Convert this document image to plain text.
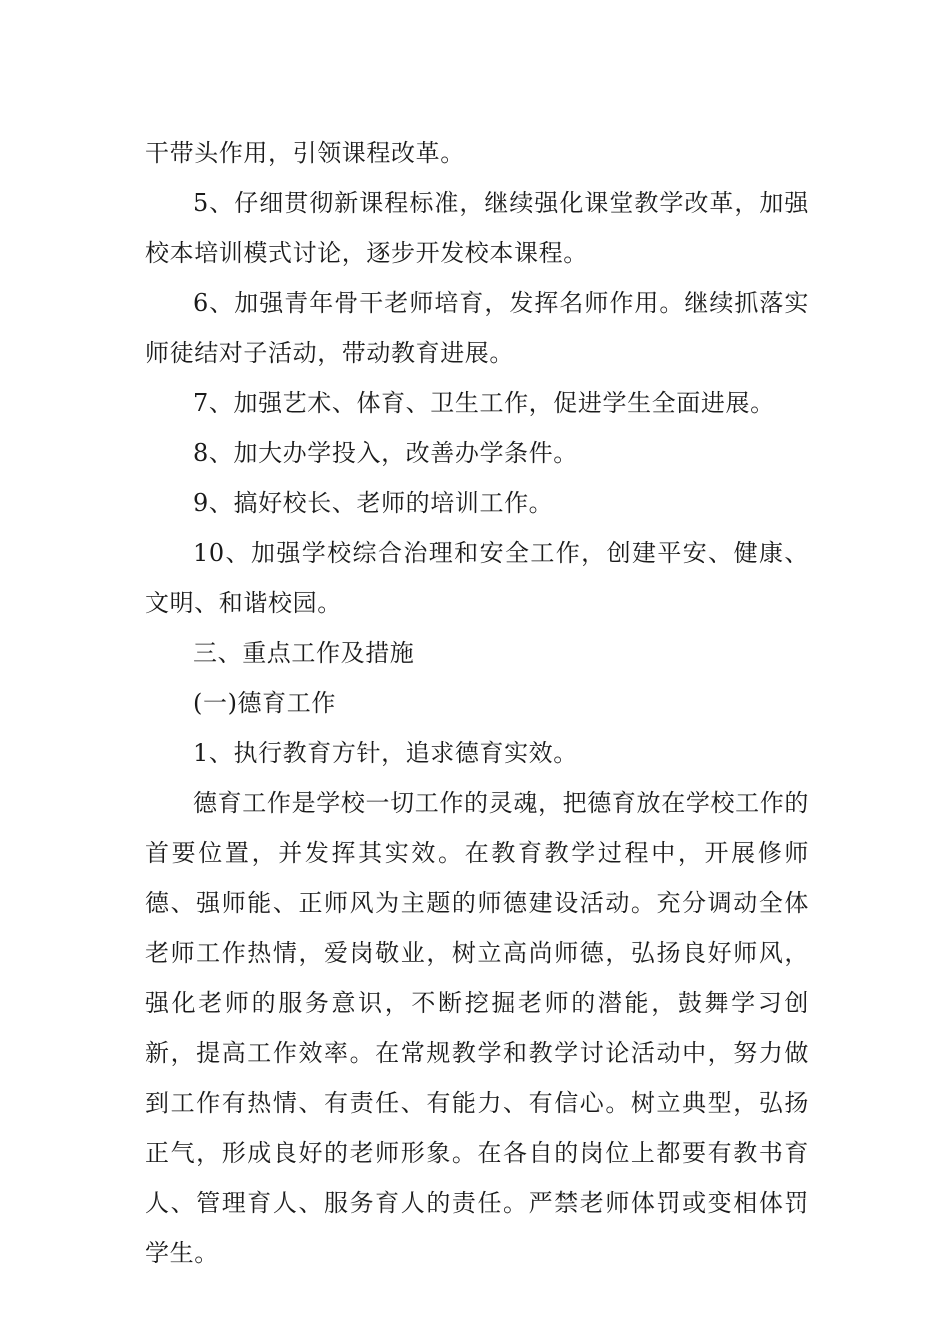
干带头作用，引领课程改革。

5、仔细贯彻新课程标准，继续强化课堂教学改革，加强校本培训模式讨论，逐步开发校本课程。

6、加强青年骨干老师培育，发挥名师作用。继续抓落实师徒结对子活动，带动教育进展。

7、加强艺术、体育、卫生工作，促进学生全面进展。

8、加大办学投入，改善办学条件。

9、搞好校长、老师的培训工作。

10、加强学校综合治理和安全工作，创建平安、健康、文明、和谐校园。

三、重点工作及措施

(一)德育工作

1、执行教育方针，追求德育实效。

德育工作是学校一切工作的灵魂，把德育放在学校工作的首要位置，并发挥其实效。在教育教学过程中，开展修师德、强师能、正师风为主题的师德建设活动。充分调动全体老师工作热情，爱岗敬业，树立高尚师德，弘扬良好师风，强化老师的服务意识，不断挖掘老师的潜能，鼓舞学习创新，提高工作效率。在常规教学和教学讨论活动中，努力做到工作有热情、有责任、有能力、有信心。树立典型，弘扬正气，形成良好的老师形象。在各自的岗位上都要有教书育人、管理育人、服务育人的责任。严禁老师体罚或变相体罚学生。
